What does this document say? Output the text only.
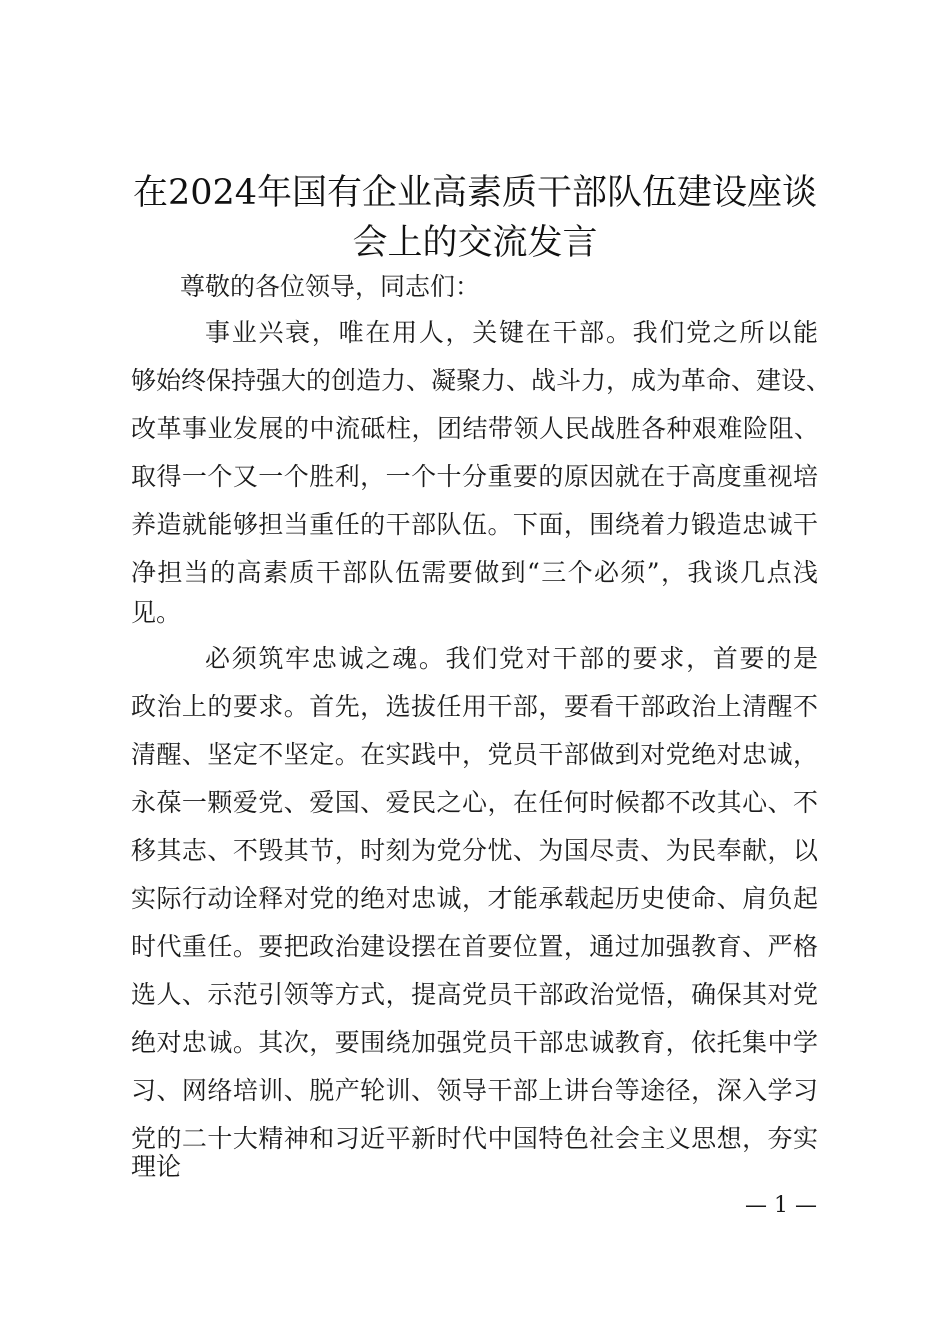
在2024年国有企业高素质干部队伍建设座谈
会上的交流发言
尊敬的各位领导，同志们：
事业兴衰，唯在用人，关键在干部。我们党之所以能
够始终保持强大的创造力、凝聚力、战斗力，成为革命、建设、
改革事业发展的中流砥柱，团结带领人民战胜各种艰难险阻、
取得一个又一个胜利，一个十分重要的原因就在于高度重视培
养造就能够担当重任的干部队伍。下面，围绕着力锻造忠诚干
净担当的高素质干部队伍需要做到“三个必须”，我谈几点浅
见。
必须筑牢忠诚之魂。我们党对干部的要求，首要的是
政治上的要求。首先，选拔任用干部，要看干部政治上清醒不
清醒、坚定不坚定。在实践中，党员干部做到对党绝对忠诚，
永葆一颗爱党、爱国、爱民之心，在任何时候都不改其心、不
移其志、不毁其节，时刻为党分忧、为国尽责、为民奉献，以
实际行动诠释对党的绝对忠诚，才能承载起历史使命、肩负起
时代重任。要把政治建设摆在首要位置，通过加强教育、严格
选人、示范引领等方式，提高党员干部政治觉悟，确保其对党
绝对忠诚。其次，要围绕加强党员干部忠诚教育，依托集中学
习、网络培训、脱产轮训、领导干部上讲台等途径，深入学习
党的二十大精神和习近平新时代中国特色社会主义思想，夯实
理论
— 1 —
